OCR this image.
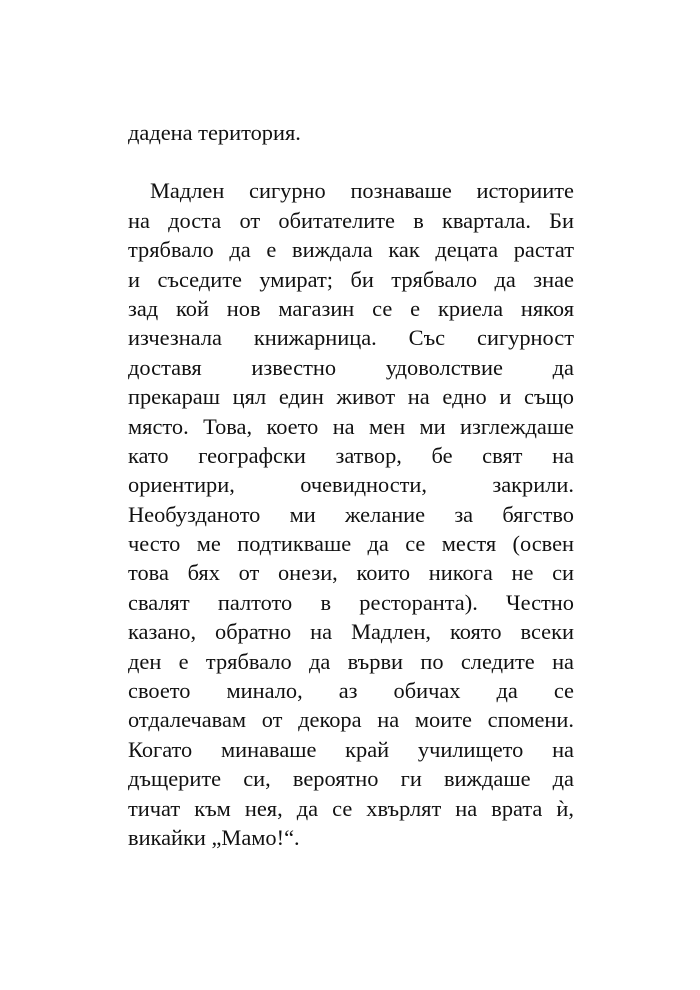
дадена територия.
Мадлен сигурно познаваше историите
на доста от обитателите в квартала. Би
трябвало да е виждала как децата растат
и съседите умират; би трябвало да знае
зад кой нов магазин се е криела някоя
изчезнала книжарница. Със сигурност
доставя известно удоволствие да
прекараш цял един живот на едно и също
място. Това, което на мен ми изглеждаше
като географски затвор, бе свят на
ориентири, очевидности, закрили.
Необузданото ми желание за бягство
често ме подтикваше да се местя (освен
това бях от онези, които никога не си
свалят палтото в ресторанта). Честно
казано, обратно на Мадлен, която всеки
ден е трябвало да върви по следите на
своето минало, аз обичах да се
отдалечавам от декора на моите спомени.
Когато минаваше край училището на
дъщерите си, вероятно ги виждаше да
тичат към нея, да се хвърлят на врата ѝ,
викайки „Мамо!“.
